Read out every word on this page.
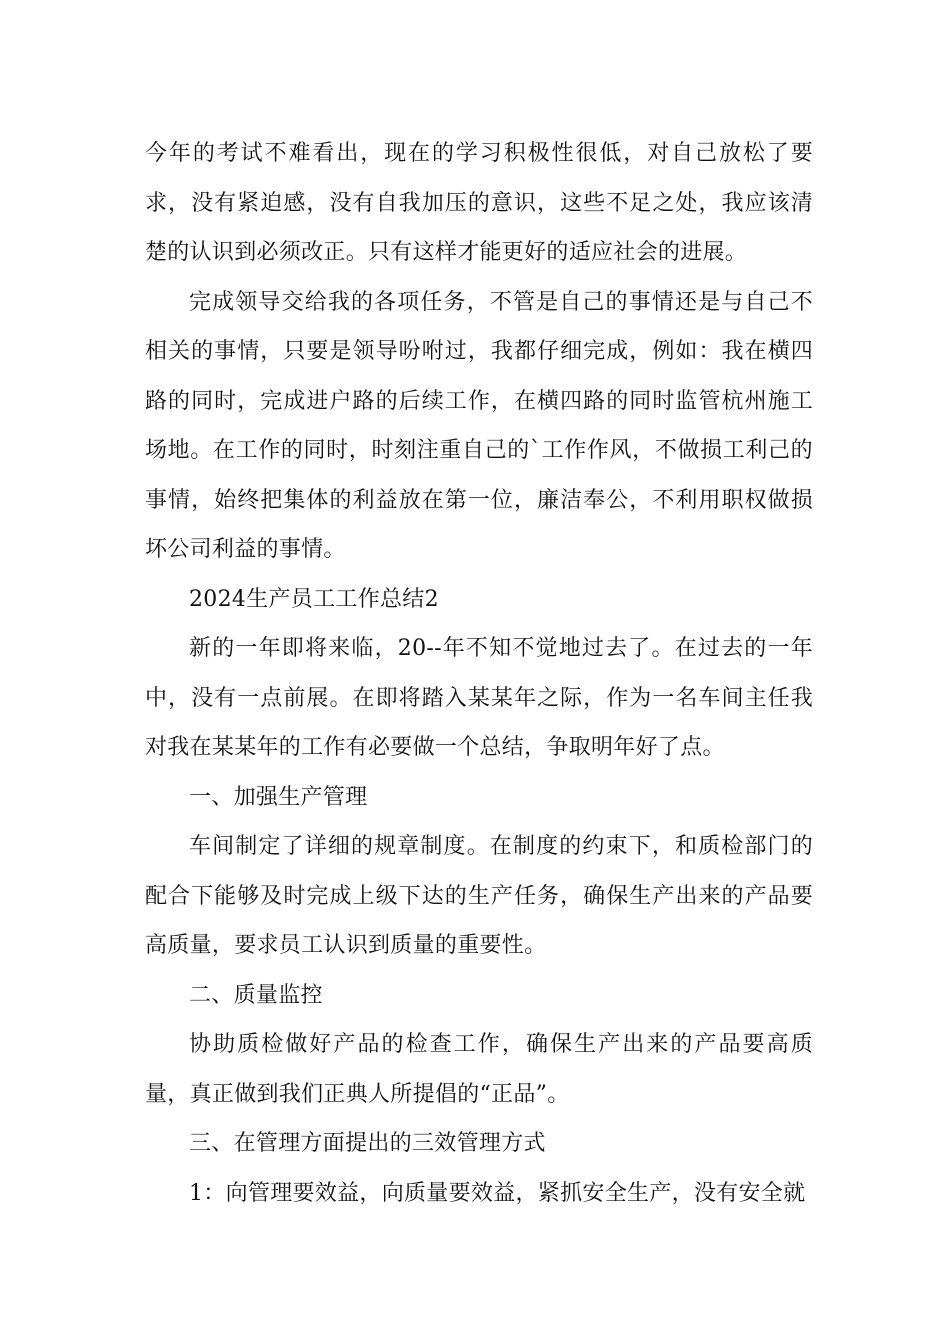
今年的考试不难看出，现在的学习积极性很低，对自己放松了要求，没有紧迫感，没有自我加压的意识，这些不足之处，我应该清楚的认识到必须改正。只有这样才能更好的适应社会的进展。

完成领导交给我的各项任务，不管是自己的事情还是与自己不相关的事情，只要是领导吩咐过，我都仔细完成，例如：我在横四路的同时，完成进户路的后续工作，在横四路的同时监管杭州施工场地。在工作的同时，时刻注重自己的`工作作风，不做损工利己的事情，始终把集体的利益放在第一位，廉洁奉公，不利用职权做损坏公司利益的事情。

2024生产员工工作总结2

新的一年即将来临，20--年不知不觉地过去了。在过去的一年中，没有一点前展。在即将踏入某某年之际，作为一名车间主任我对我在某某年的工作有必要做一个总结，争取明年好了点。

一、加强生产管理

车间制定了详细的规章制度。在制度的约束下，和质检部门的配合下能够及时完成上级下达的生产任务，确保生产出来的产品要高质量，要求员工认识到质量的重要性。

二、质量监控

协助质检做好产品的检查工作，确保生产出来的产品要高质量，真正做到我们正典人所提倡的“正品”。

三、在管理方面提出的三效管理方式

1：向管理要效益，向质量要效益，紧抓安全生产，没有安全就
